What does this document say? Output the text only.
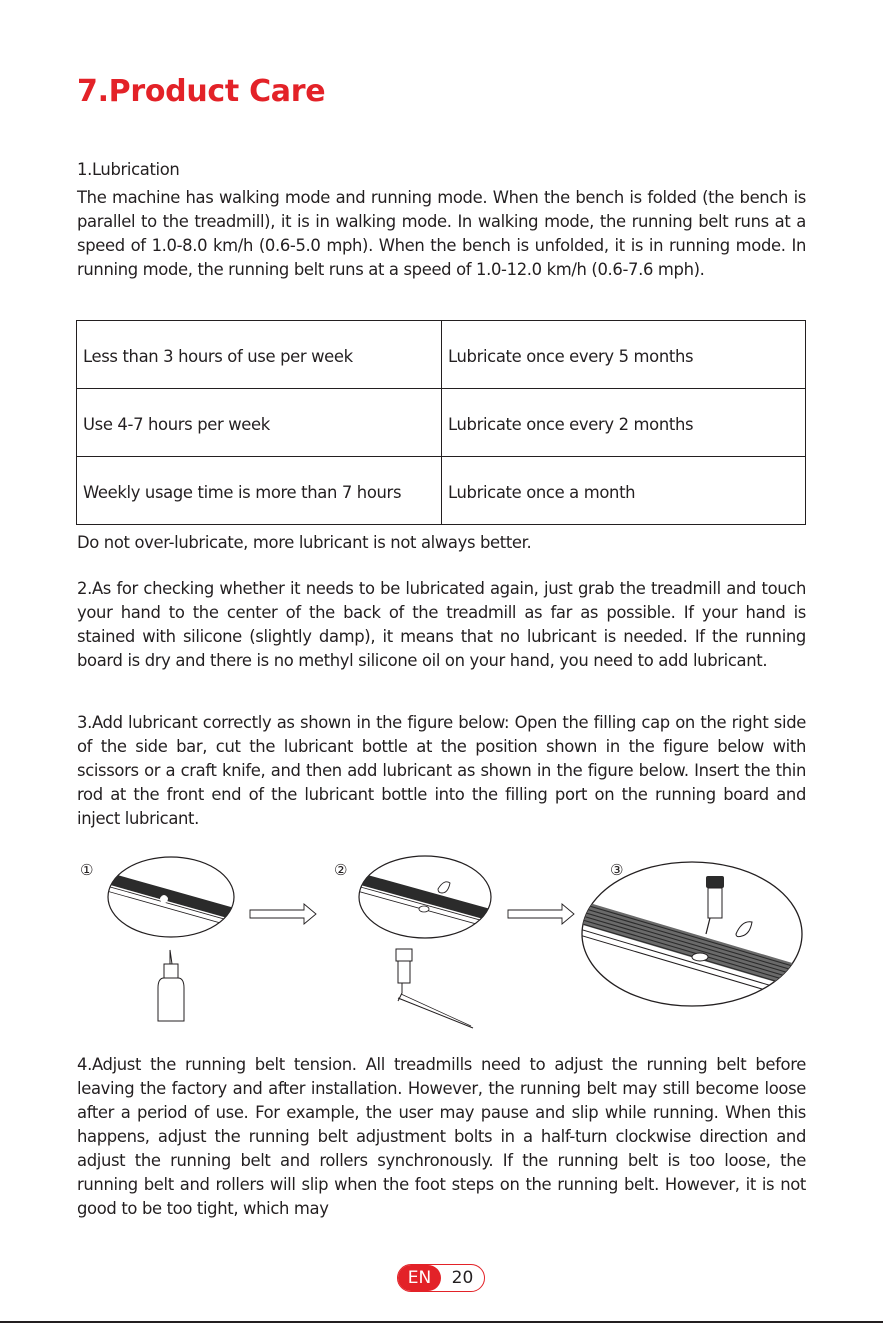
7.Product Care

1.Lubrication

The machine has walking mode and running mode. When the bench is folded (the bench is parallel to the treadmill), it is in walking mode. In walking mode, the running belt runs at a speed of 1.0-8.0 km/h (0.6-5.0 mph). When the bench is unfolded, it is in running mode. In running mode, the running belt runs at a speed of 1.0-12.0 km/h (0.6-7.6 mph).

Less than 3 hours of use per week	Lubricate once every 5 months
Use 4-7 hours per week	Lubricate once every 2 months
Weekly usage time is more than 7 hours	Lubricate once a month

Do not over-lubricate, more lubricant is not always better.

2.As for checking whether it needs to be lubricated again, just grab the treadmill and touch your hand to the center of the back of the treadmill as far as possible. If your hand is stained with silicone (slightly damp), it means that no lubricant is needed. If the running board is dry and there is no methyl silicone oil on your hand, you need to add lubricant.

3.Add lubricant correctly as shown in the figure below: Open the filling cap on the right side of the side bar, cut the lubricant bottle at the position shown in the figure below with scissors or a craft knife, and then add lubricant as shown in the figure below. Insert the thin rod at the front end of the lubricant bottle into the filling port on the running board and inject lubricant.

①	②	③

4.Adjust the running belt tension. All treadmills need to adjust the running belt before leaving the factory and after installation. However, the running belt may still become loose after a period of use. For example, the user may pause and slip while running. When this happens, adjust the running belt adjustment bolts in a half-turn clockwise direction and adjust the running belt and rollers synchronously. If the running belt is too loose, the running belt and rollers will slip when the foot steps on the running belt. However, it is not good to be too tight, which may

EN	20
